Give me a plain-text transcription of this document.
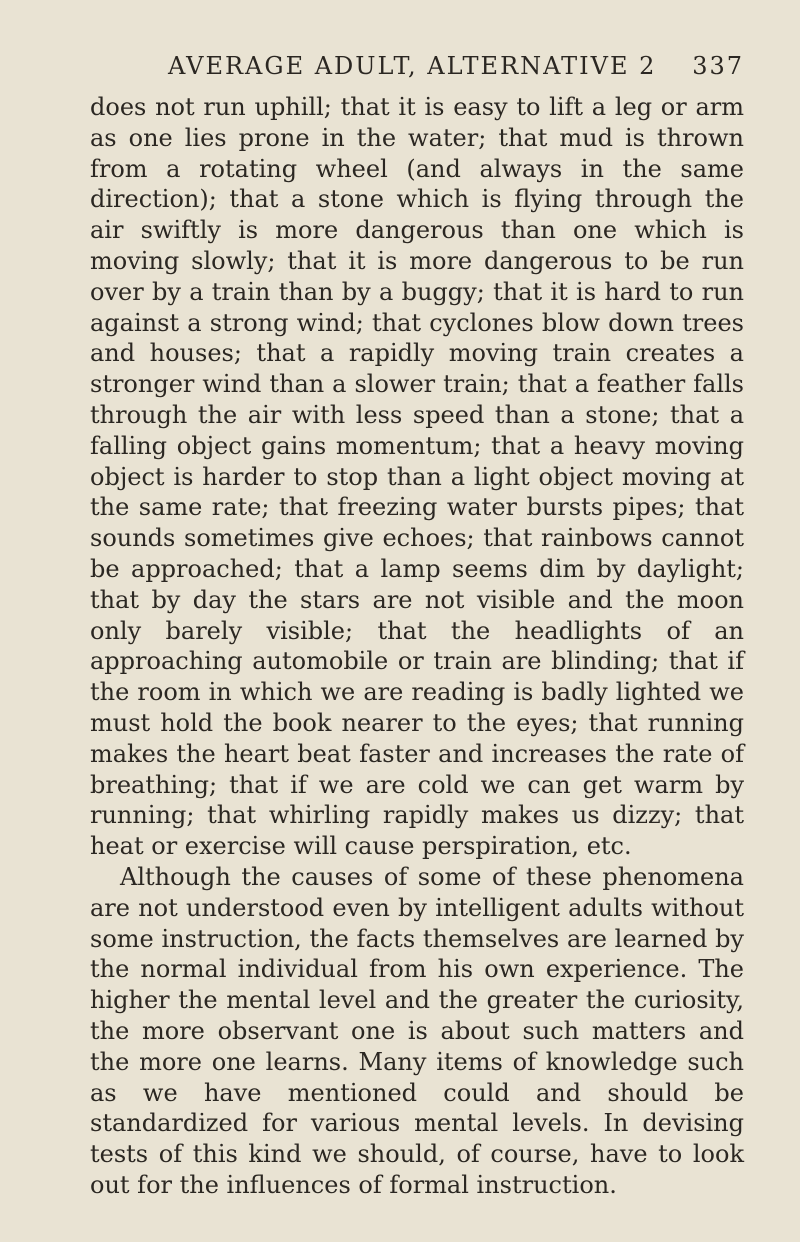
AVERAGE ADULT, ALTERNATIVE 2 337

does not run uphill; that it is easy to lift a leg or arm as one lies prone in the water; that mud is thrown from a rotating wheel (and always in the same direction); that a stone which is flying through the air swiftly is more dangerous than one which is moving slowly; that it is more dangerous to be run over by a train than by a buggy; that it is hard to run against a strong wind; that cyclones blow down trees and houses; that a rapidly moving train creates a stronger wind than a slower train; that a feather falls through the air with less speed than a stone; that a falling object gains momentum; that a heavy moving object is harder to stop than a light object moving at the same rate; that freezing water bursts pipes; that sounds sometimes give echoes; that rainbows cannot be approached; that a lamp seems dim by daylight; that by day the stars are not visible and the moon only barely visible; that the headlights of an approaching automobile or train are blinding; that if the room in which we are reading is badly lighted we must hold the book nearer to the eyes; that running makes the heart beat faster and increases the rate of breathing; that if we are cold we can get warm by running; that whirling rapidly makes us dizzy; that heat or exercise will cause perspiration, etc.

Although the causes of some of these phenomena are not understood even by intelligent adults without some instruction, the facts themselves are learned by the normal individual from his own experience. The higher the mental level and the greater the curiosity, the more observant one is about such matters and the more one learns. Many items of knowledge such as we have mentioned could and should be standardized for various mental levels. In devising tests of this kind we should, of course, have to look out for the influences of formal instruction.
